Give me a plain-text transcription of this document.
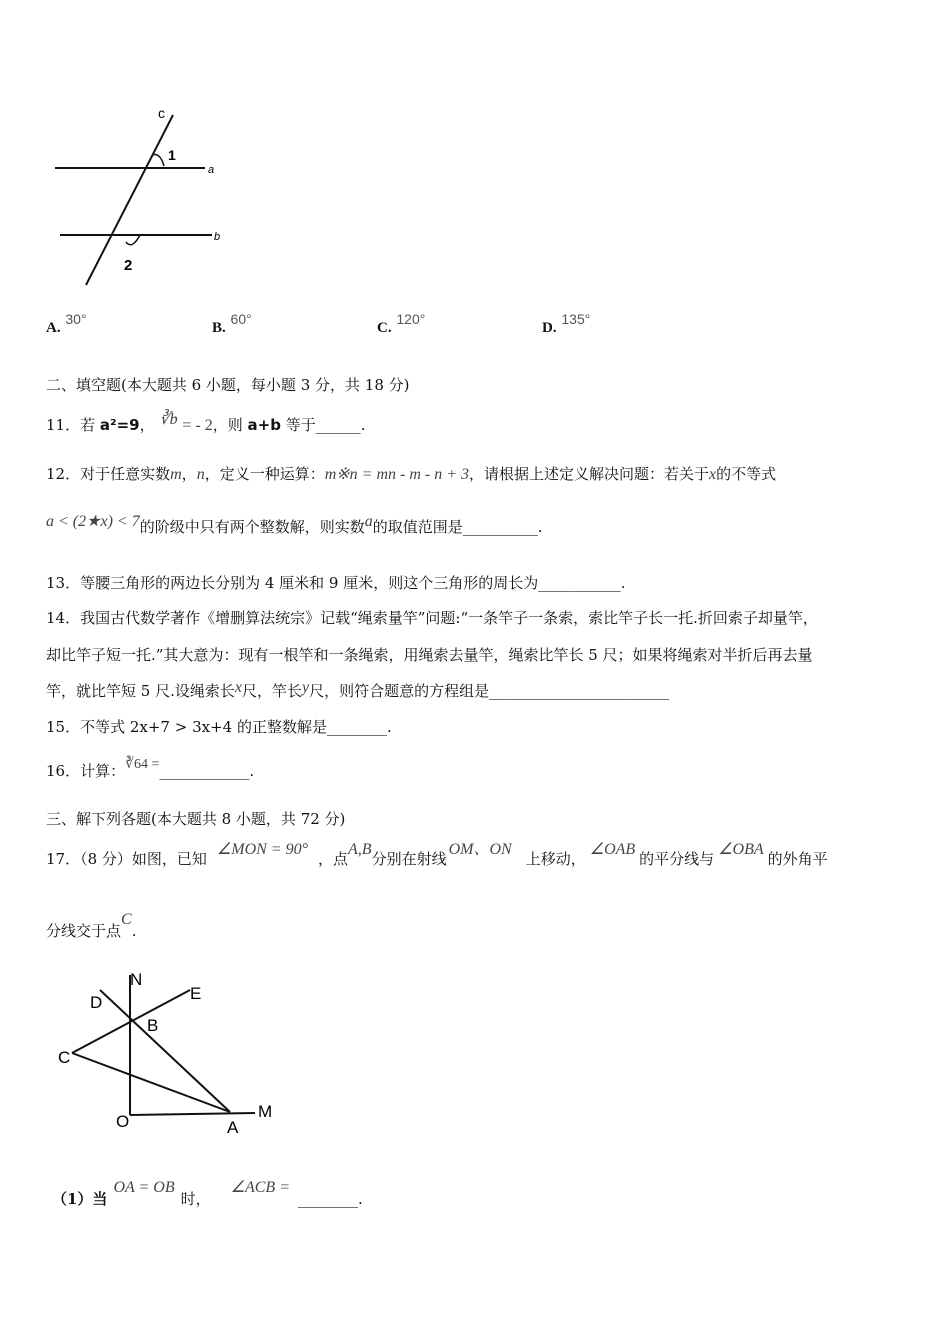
c
1
a
b
2
A. 30°
B. 60°
C. 120°
D. 135°
二、填空题(本大题共 6 小题，每小题 3 分，共 18 分)
11．若 a²=9， ∛b = - 2，则 a+b 等于______.
12．对于任意实数m，n，定义一种运算：m※n = mn - m - n + 3，请根据上述定义解决问题：若关于x的不等式
a < (2★x) < 7的阶级中只有两个整数解，则实数a的取值范围是__________.
13．等腰三角形的两边长分别为 4 厘米和 9 厘米，则这个三角形的周长为___________.
14．我国古代数学著作《增删算法统宗》记载“绳索量竿”问题:“一条竿子一条索，索比竿子长一托.折回索子却量竿，
却比竿子短一托.”其大意为：现有一根竿和一条绳索，用绳索去量竿，绳索比竿长 5 尺；如果将绳索对半折后再去量
竿，就比竿短 5 尺.设绳索长x尺，竿长y尺，则符合题意的方程组是________________________
15．不等式 2x+7 > 3x+4 的正整数解是________.
16．计算：∛64 =____________.
三、解下列各题(本大题共 8 小题，共 72 分)
17．（8 分）如图，已知∠MON = 90°，点A,B分别在射线OM、ON上移动，∠OAB的平分线与∠OBA的外角平
分线交于点C.
N
E
D
B
C
O	A
M
（1）当OA = OB时，∠ACB =________.
